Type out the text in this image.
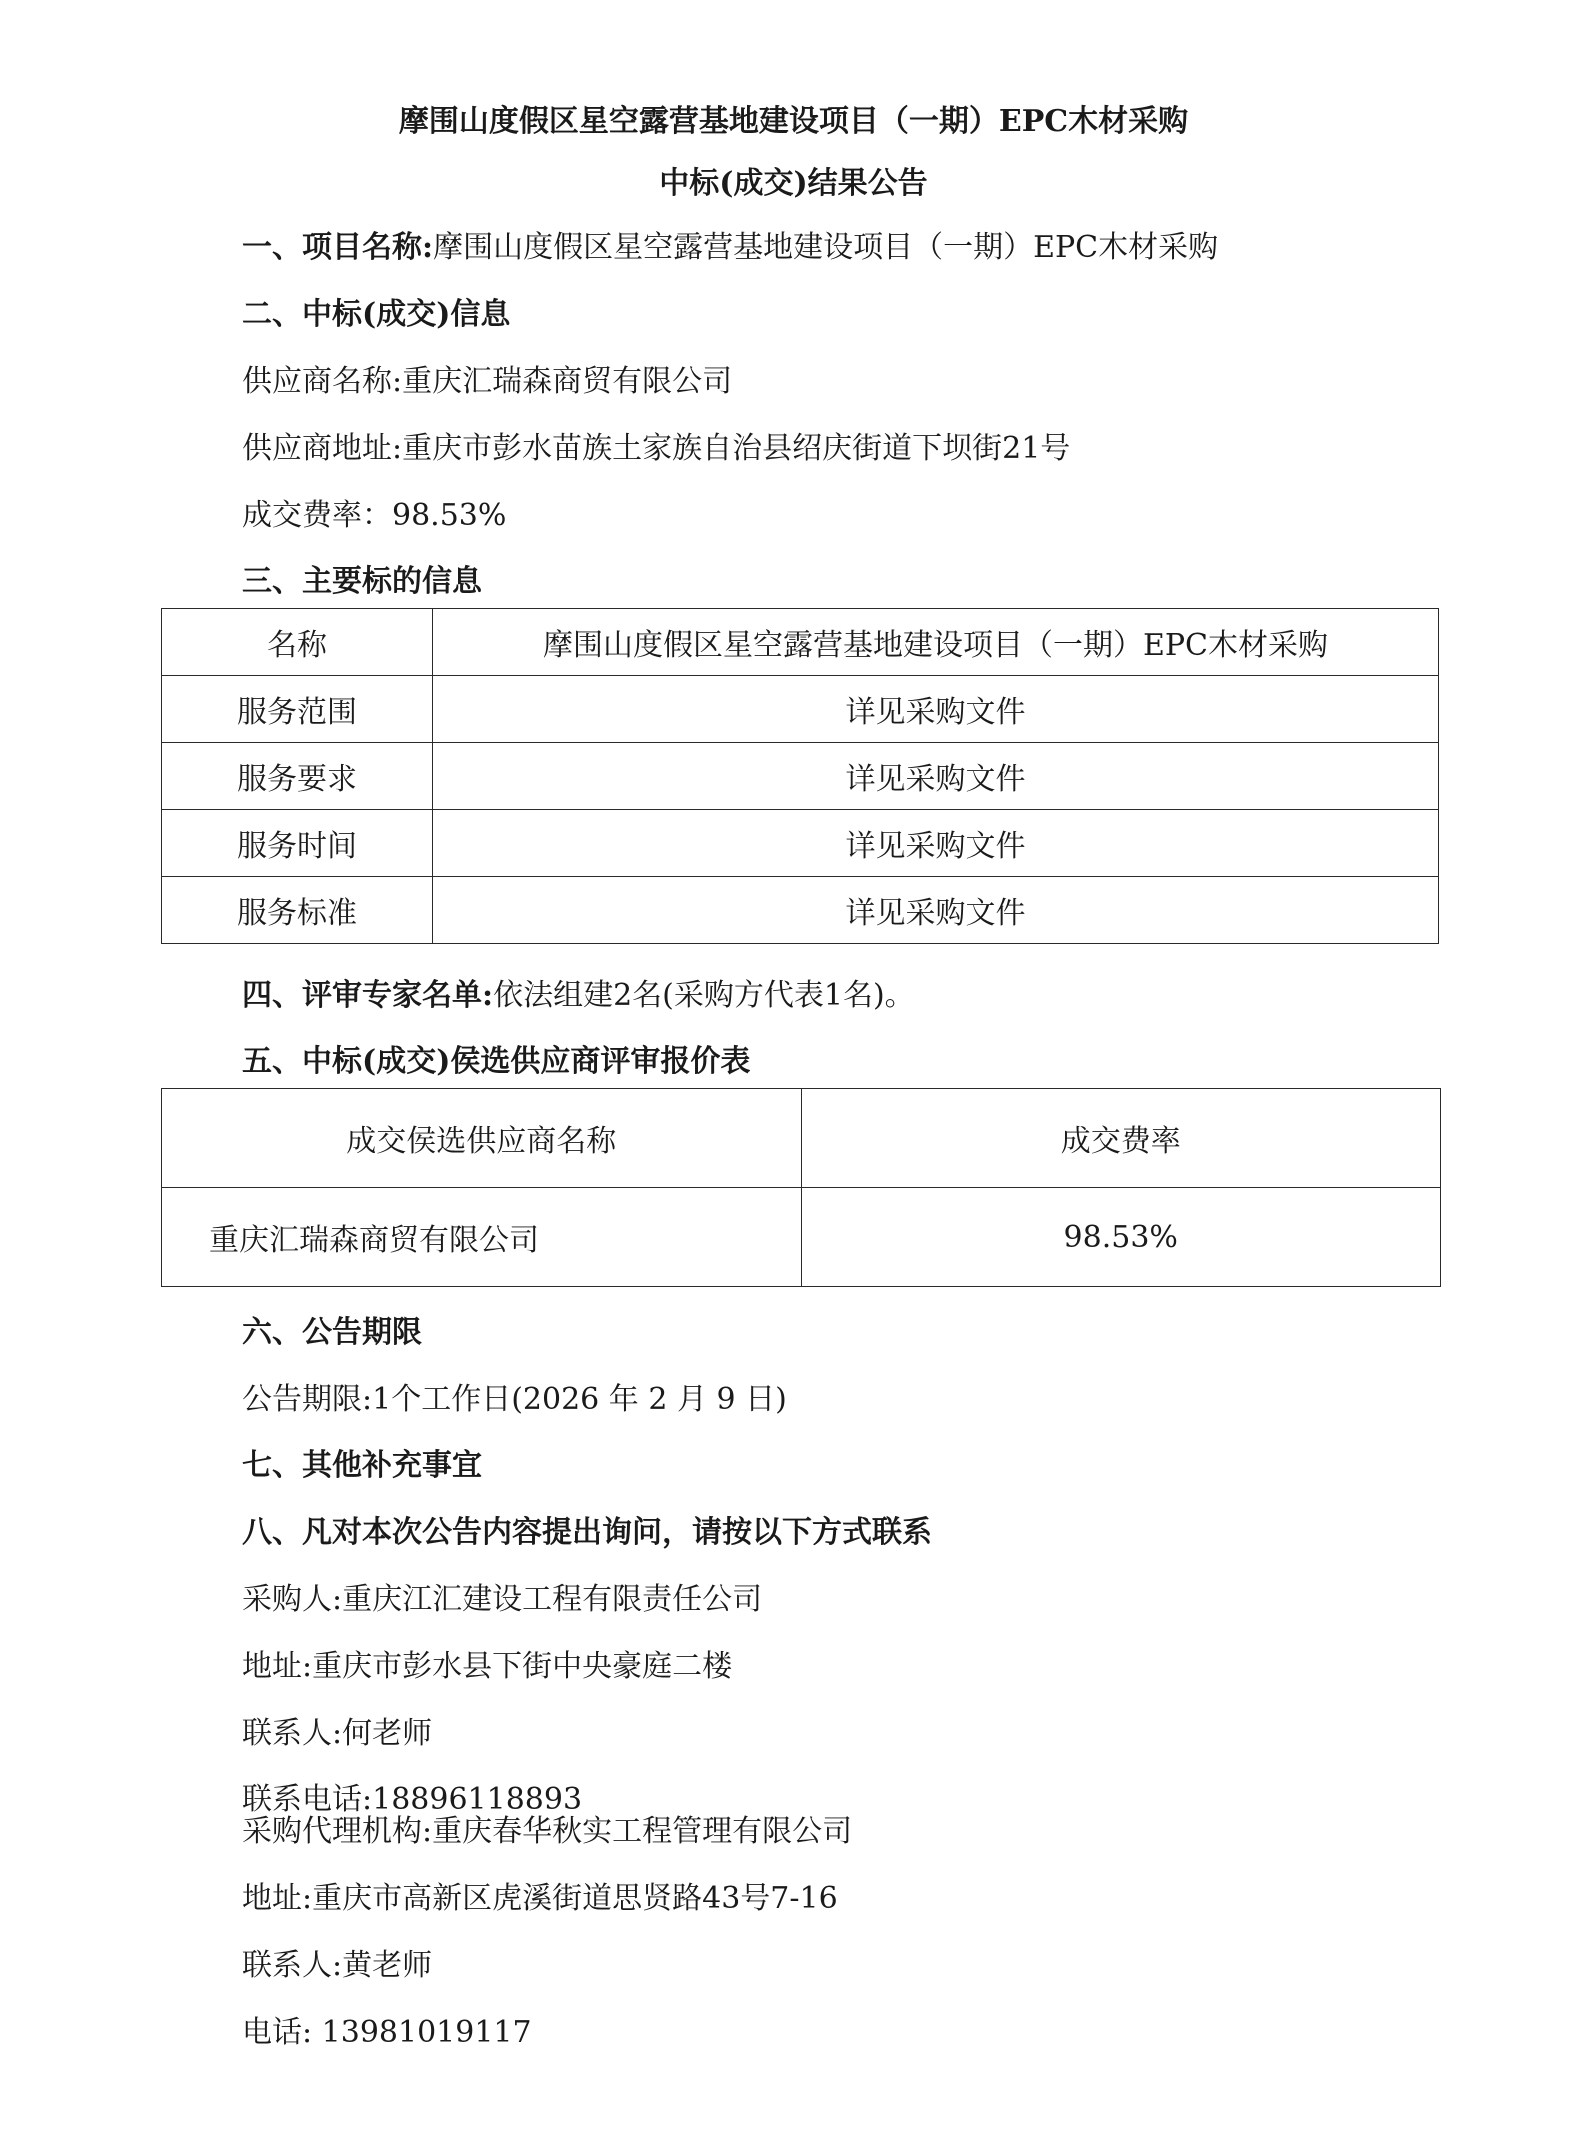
摩围山度假区星空露营基地建设项目（一期）EPC木材采购
中标(成交)结果公告
一、项目名称:摩围山度假区星空露营基地建设项目（一期）EPC木材采购
二、中标(成交)信息
供应商名称:重庆汇瑞森商贸有限公司
供应商地址:重庆市彭水苗族土家族自治县绍庆街道下坝街21号
成交费率：98.53%
三、主要标的信息
名称	摩围山度假区星空露营基地建设项目（一期）EPC木材采购
服务范围	详见采购文件
服务要求	详见采购文件
服务时间	详见采购文件
服务标准	详见采购文件
四、评审专家名单:依法组建2名(采购方代表1名)。
五、中标(成交)侯选供应商评审报价表
成交侯选供应商名称	成交费率
重庆汇瑞森商贸有限公司	98.53%
六、公告期限
公告期限:1个工作日(2026 年 2 月 9 日)
七、其他补充事宜
八、凡对本次公告内容提出询问，请按以下方式联系
采购人:重庆江汇建设工程有限责任公司
地址:重庆市彭水县下街中央豪庭二楼
联系人:何老师
联系电话:18896118893
采购代理机构:重庆春华秋实工程管理有限公司
地址:重庆市高新区虎溪街道思贤路43号7-16
联系人:黄老师
电话: 13981019117
